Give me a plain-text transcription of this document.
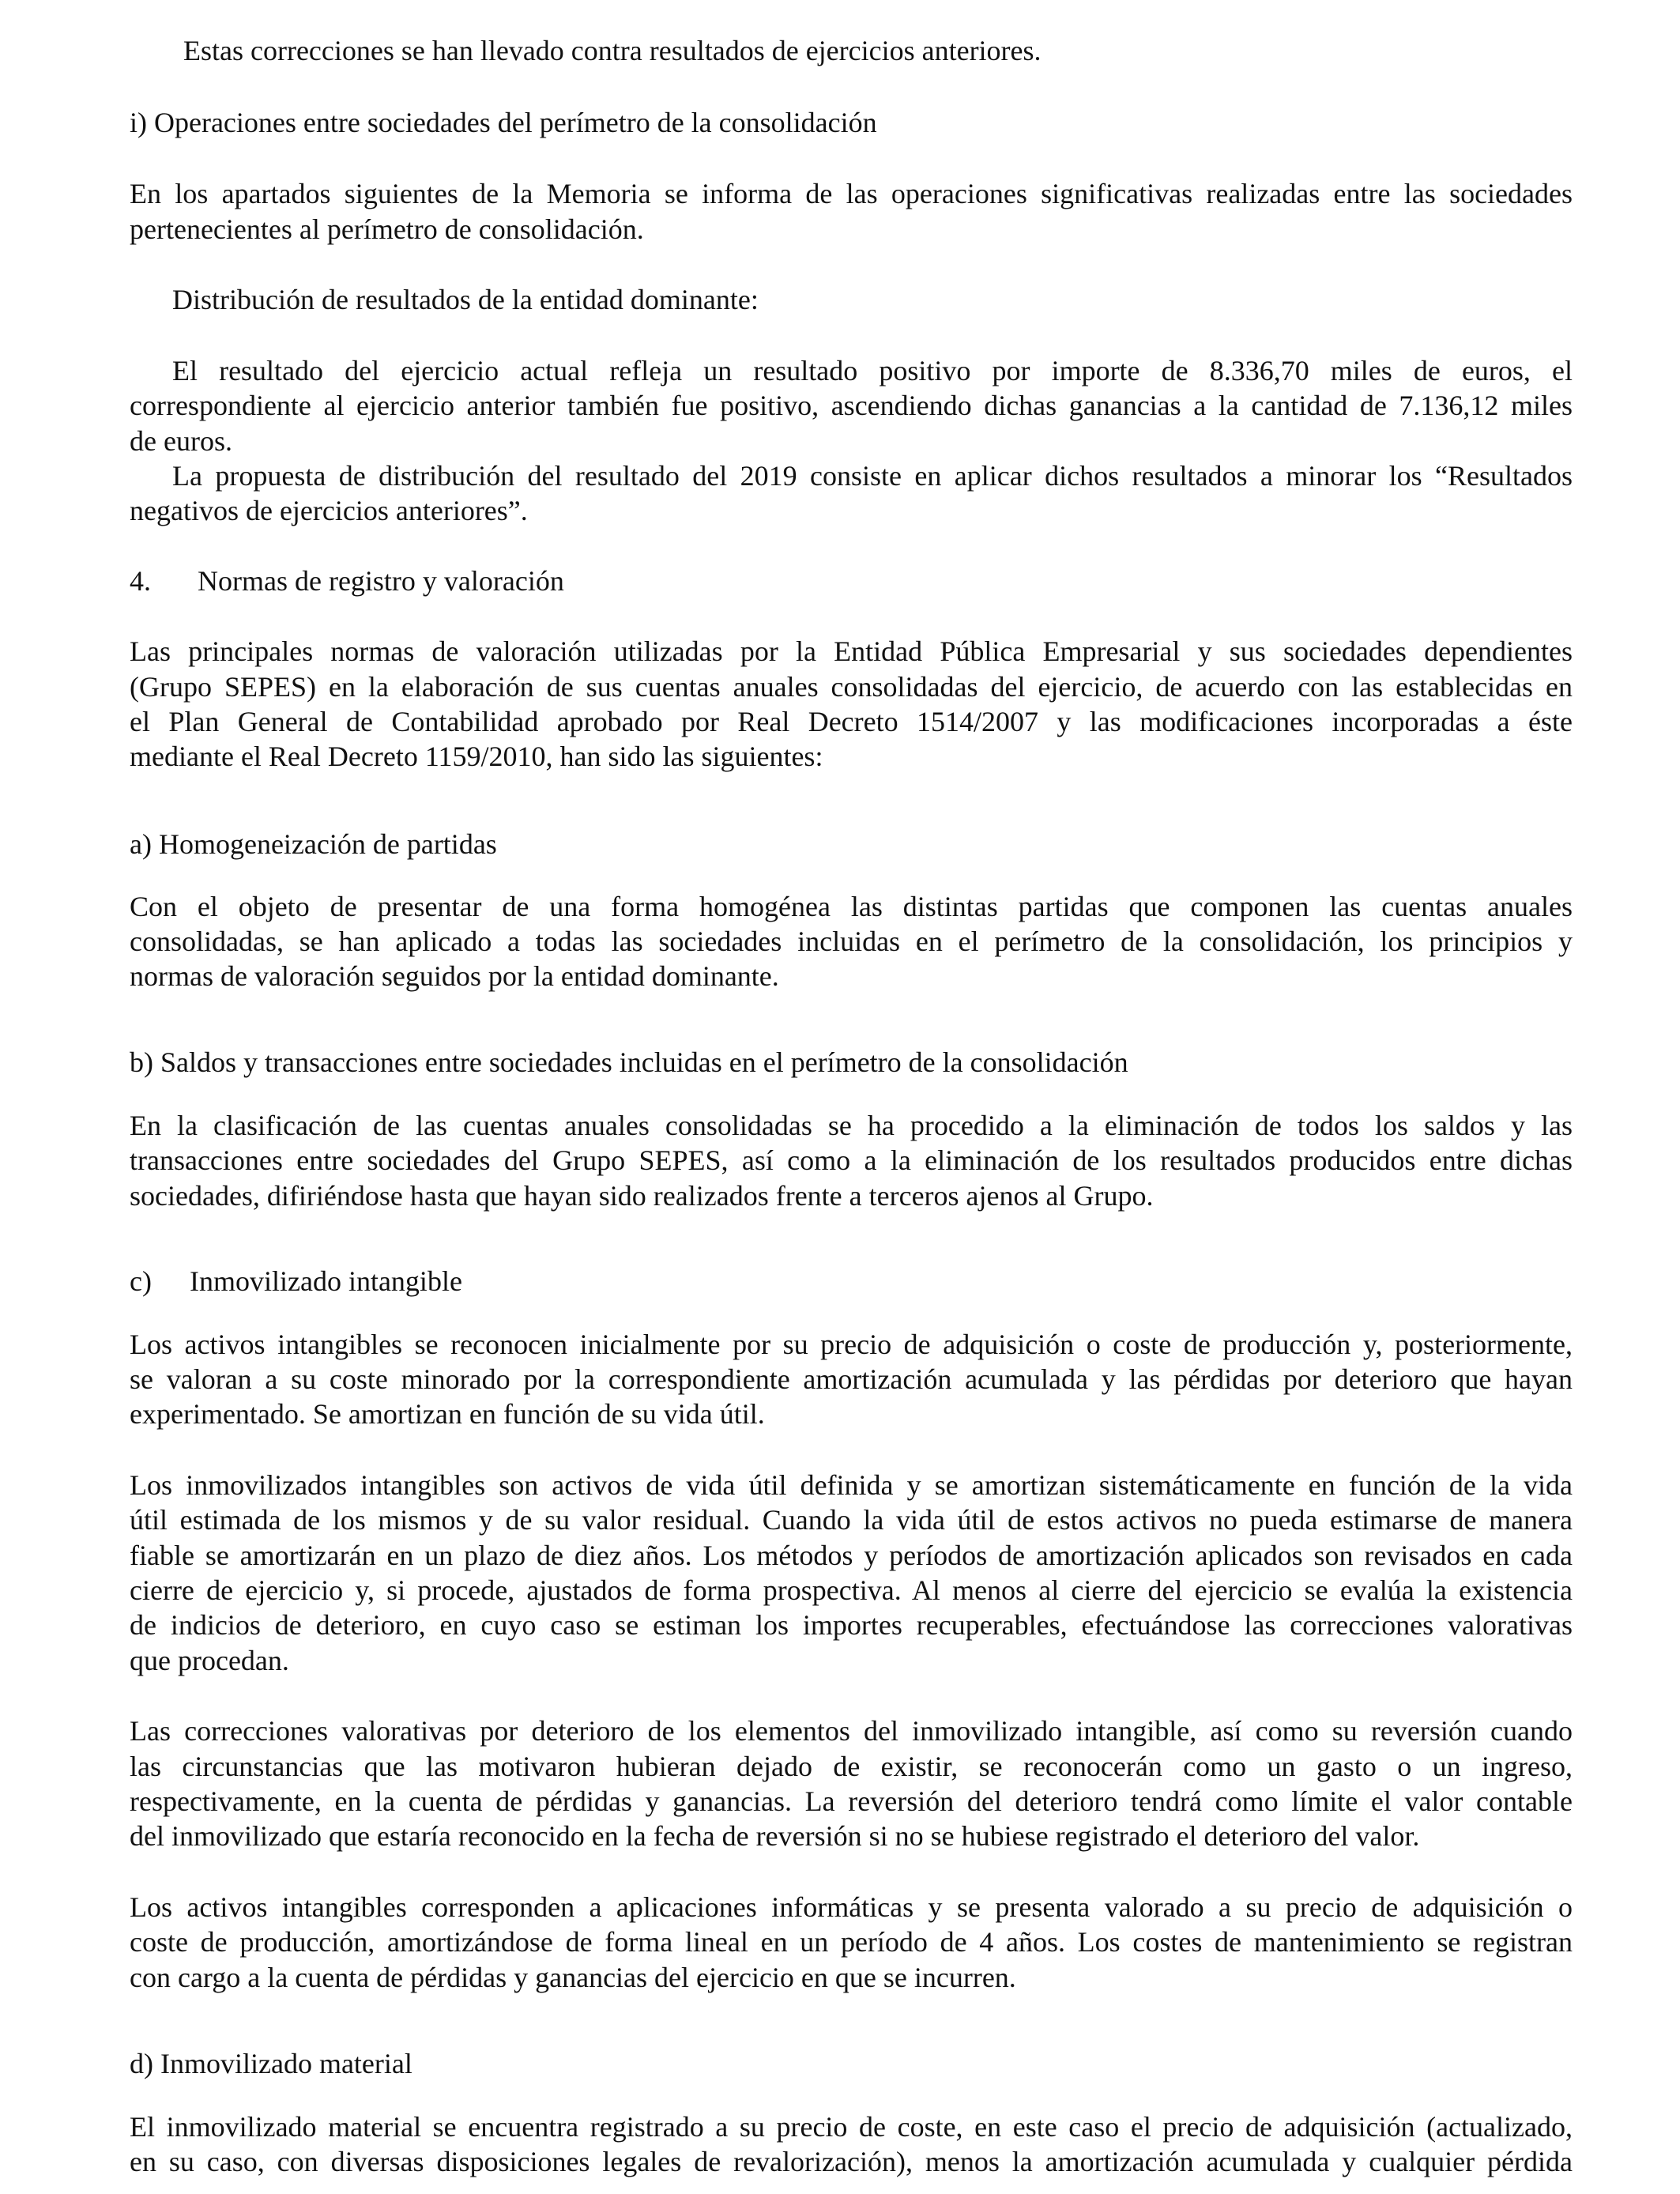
Estas correcciones se han llevado contra resultados de ejercicios anteriores.
i) Operaciones entre sociedades del perímetro de la consolidación
En los apartados siguientes de la Memoria se informa de las operaciones significativas realizadas entre las sociedades
pertenecientes al perímetro de consolidación.
Distribución de resultados de la entidad dominante:
El resultado del ejercicio actual refleja un resultado positivo por importe de 8.336,70 miles de euros, el
correspondiente al ejercicio anterior también fue positivo, ascendiendo dichas ganancias a la cantidad de 7.136,12 miles
de euros.
La propuesta de distribución del resultado del 2019 consiste en aplicar dichos resultados a minorar los “Resultados
negativos de ejercicios anteriores”.
4. Normas de registro y valoración
Las principales normas de valoración utilizadas por la Entidad Pública Empresarial y sus sociedades dependientes
(Grupo SEPES) en la elaboración de sus cuentas anuales consolidadas del ejercicio, de acuerdo con las establecidas en
el Plan General de Contabilidad aprobado por Real Decreto 1514/2007 y las modificaciones incorporadas a éste
mediante el Real Decreto 1159/2010, han sido las siguientes:
a) Homogeneización de partidas
Con el objeto de presentar de una forma homogénea las distintas partidas que componen las cuentas anuales
consolidadas, se han aplicado a todas las sociedades incluidas en el perímetro de la consolidación, los principios y
normas de valoración seguidos por la entidad dominante.
b) Saldos y transacciones entre sociedades incluidas en el perímetro de la consolidación
En la clasificación de las cuentas anuales consolidadas se ha procedido a la eliminación de todos los saldos y las
transacciones entre sociedades del Grupo SEPES, así como a la eliminación de los resultados producidos entre dichas
sociedades, difiriéndose hasta que hayan sido realizados frente a terceros ajenos al Grupo.
c) Inmovilizado intangible
Los activos intangibles se reconocen inicialmente por su precio de adquisición o coste de producción y, posteriormente,
se valoran a su coste minorado por la correspondiente amortización acumulada y las pérdidas por deterioro que hayan
experimentado. Se amortizan en función de su vida útil.
Los inmovilizados intangibles son activos de vida útil definida y se amortizan sistemáticamente en función de la vida
útil estimada de los mismos y de su valor residual. Cuando la vida útil de estos activos no pueda estimarse de manera
fiable se amortizarán en un plazo de diez años. Los métodos y períodos de amortización aplicados son revisados en cada
cierre de ejercicio y, si procede, ajustados de forma prospectiva. Al menos al cierre del ejercicio se evalúa la existencia
de indicios de deterioro, en cuyo caso se estiman los importes recuperables, efectuándose las correcciones valorativas
que procedan.
Las correcciones valorativas por deterioro de los elementos del inmovilizado intangible, así como su reversión cuando
las circunstancias que las motivaron hubieran dejado de existir, se reconocerán como un gasto o un ingreso,
respectivamente, en la cuenta de pérdidas y ganancias. La reversión del deterioro tendrá como límite el valor contable
del inmovilizado que estaría reconocido en la fecha de reversión si no se hubiese registrado el deterioro del valor.
Los activos intangibles corresponden a aplicaciones informáticas y se presenta valorado a su precio de adquisición o
coste de producción, amortizándose de forma lineal en un período de 4 años. Los costes de mantenimiento se registran
con cargo a la cuenta de pérdidas y ganancias del ejercicio en que se incurren.
d) Inmovilizado material
El inmovilizado material se encuentra registrado a su precio de coste, en este caso el precio de adquisición (actualizado,
en su caso, con diversas disposiciones legales de revalorización), menos la amortización acumulada y cualquier pérdida
